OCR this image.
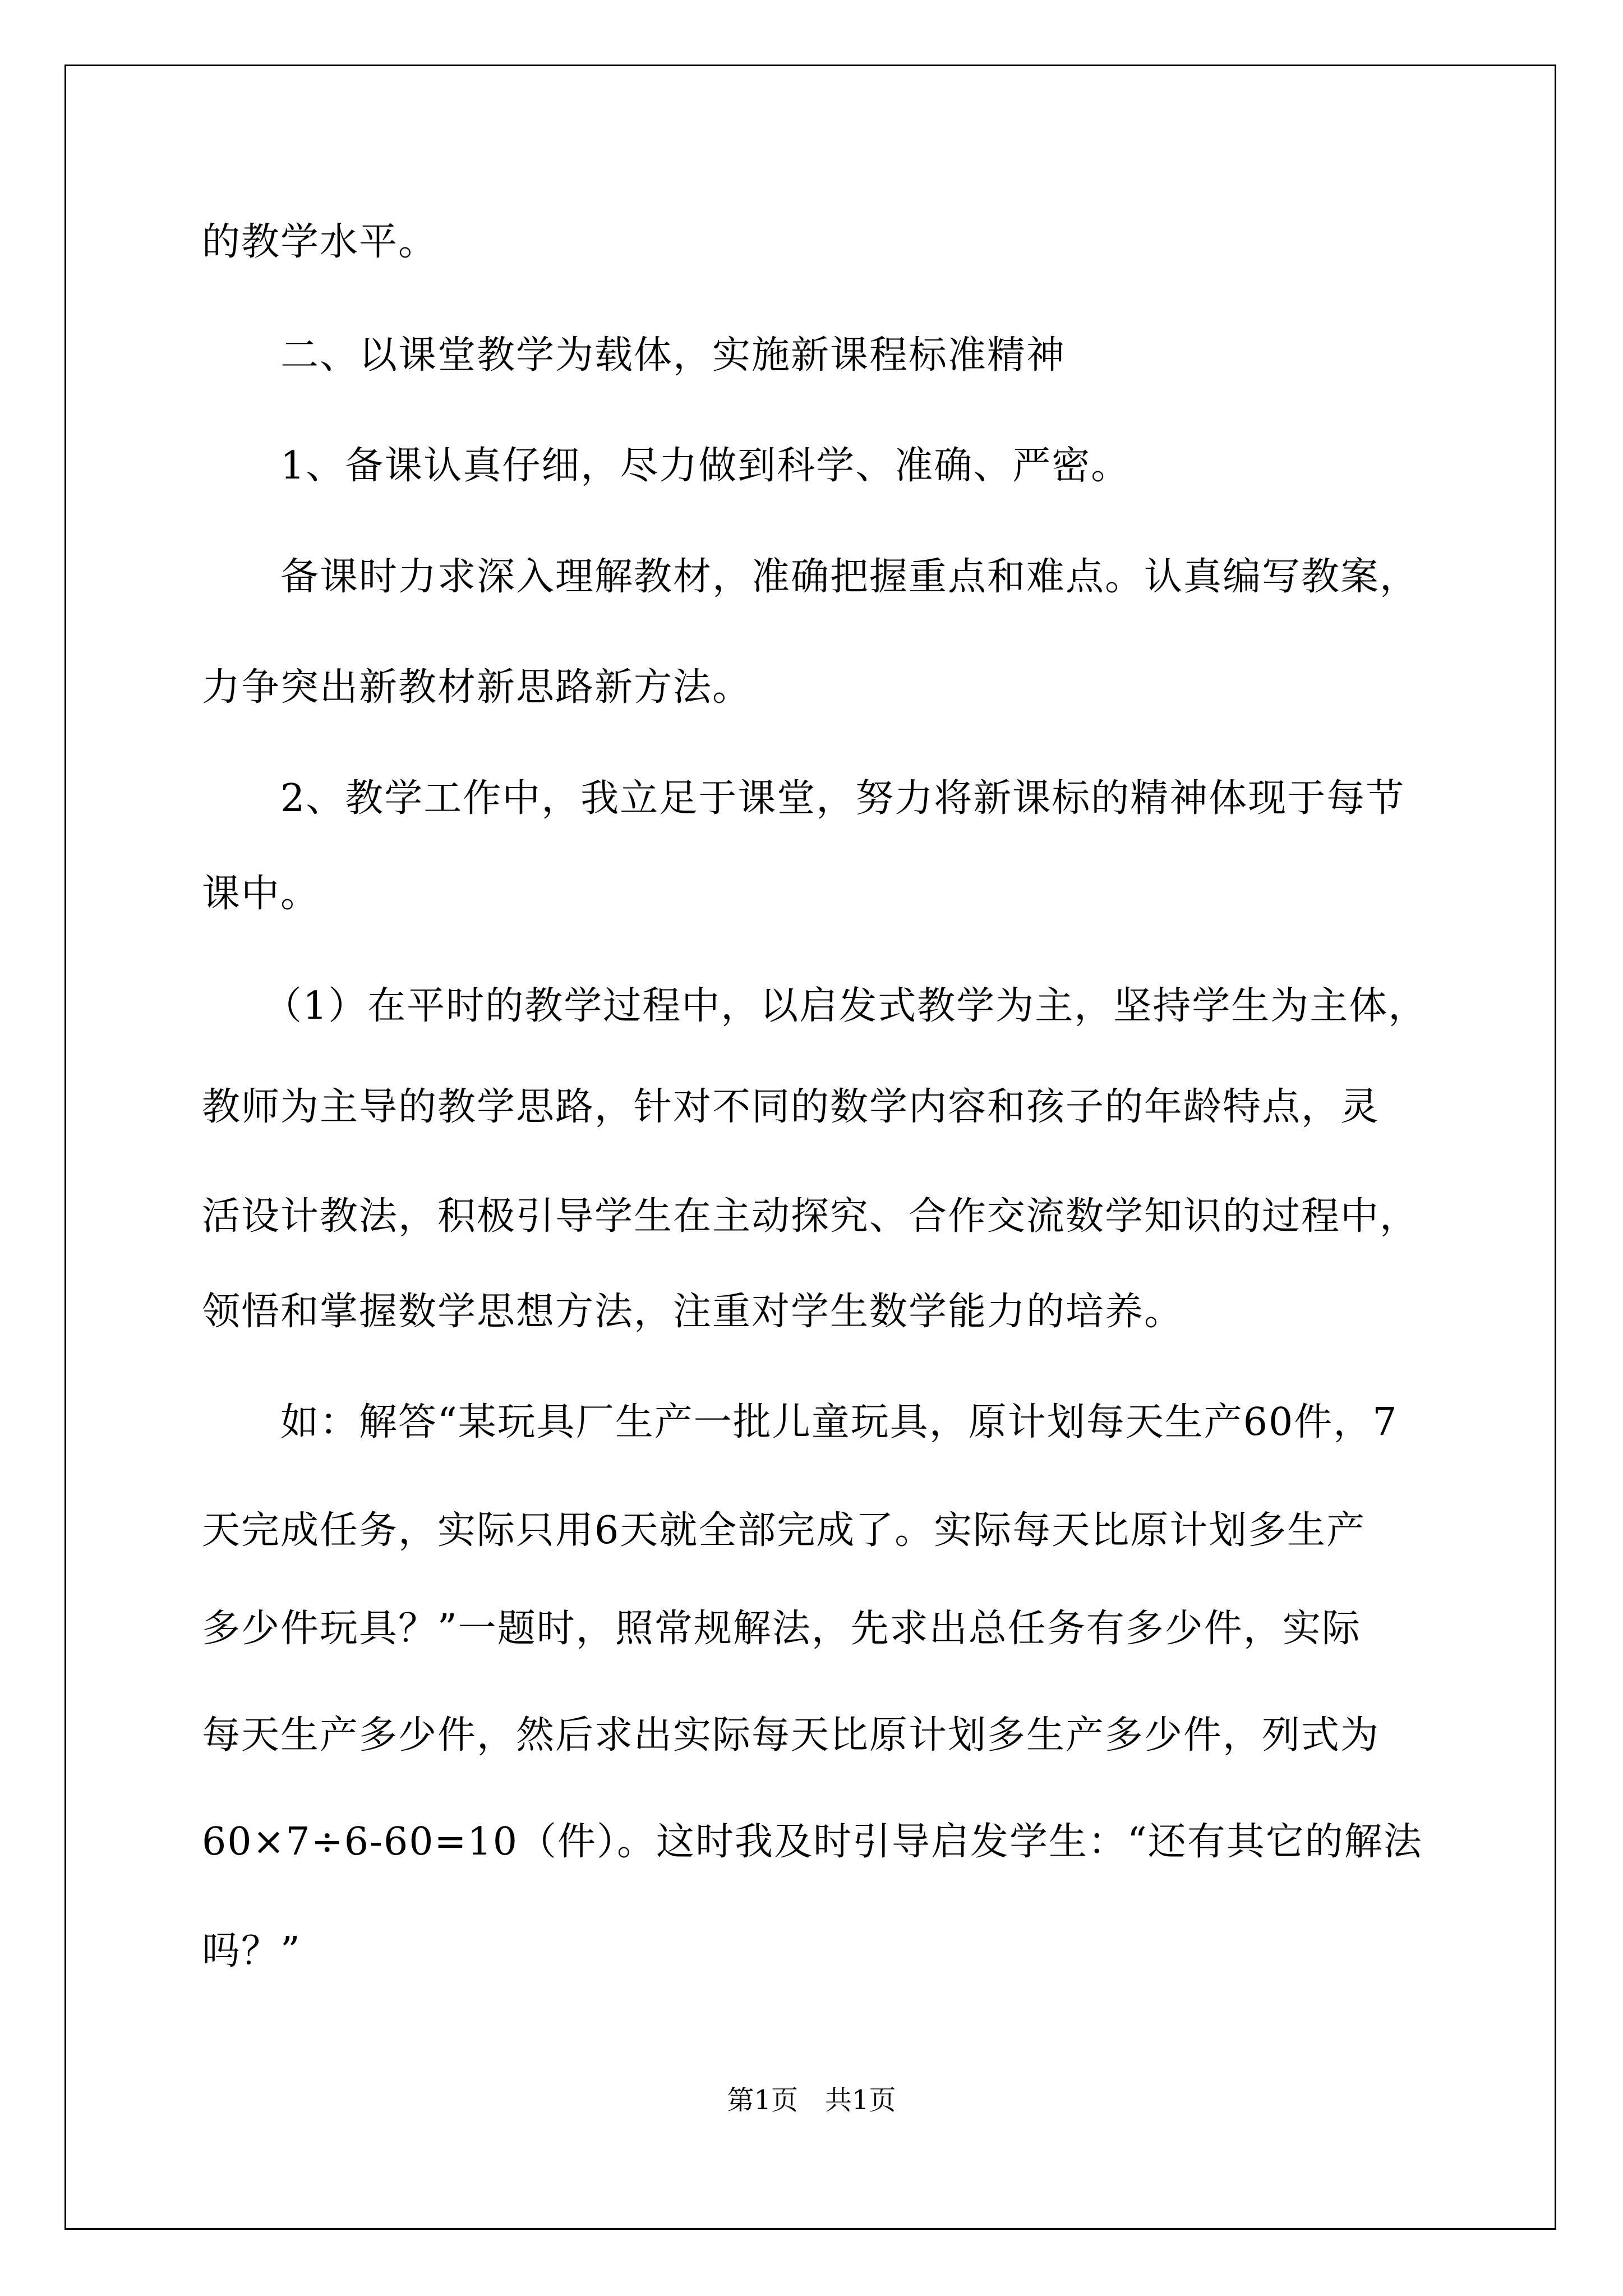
的教学水平。
二、以课堂教学为载体，实施新课程标准精神
1、备课认真仔细，尽力做到科学、准确、严密。
备课时力求深入理解教材，准确把握重点和难点。认真编写教案，
力争突出新教材新思路新方法。
2、教学工作中，我立足于课堂，努力将新课标的精神体现于每节
课中。
（1）在平时的教学过程中，以启发式教学为主，坚持学生为主体，
教师为主导的教学思路，针对不同的数学内容和孩子的年龄特点，灵
活设计教法，积极引导学生在主动探究、合作交流数学知识的过程中，
领悟和掌握数学思想方法，注重对学生数学能力的培养。
如：解答“某玩具厂生产一批儿童玩具，原计划每天生产60件，7
天完成任务，实际只用6天就全部完成了。实际每天比原计划多生产
多少件玩具？”一题时，照常规解法，先求出总任务有多少件，实际
每天生产多少件，然后求出实际每天比原计划多生产多少件，列式为
60×7÷6-60=10（件）。这时我及时引导启发学生：“还有其它的解法
吗？”
第1页　共1页
